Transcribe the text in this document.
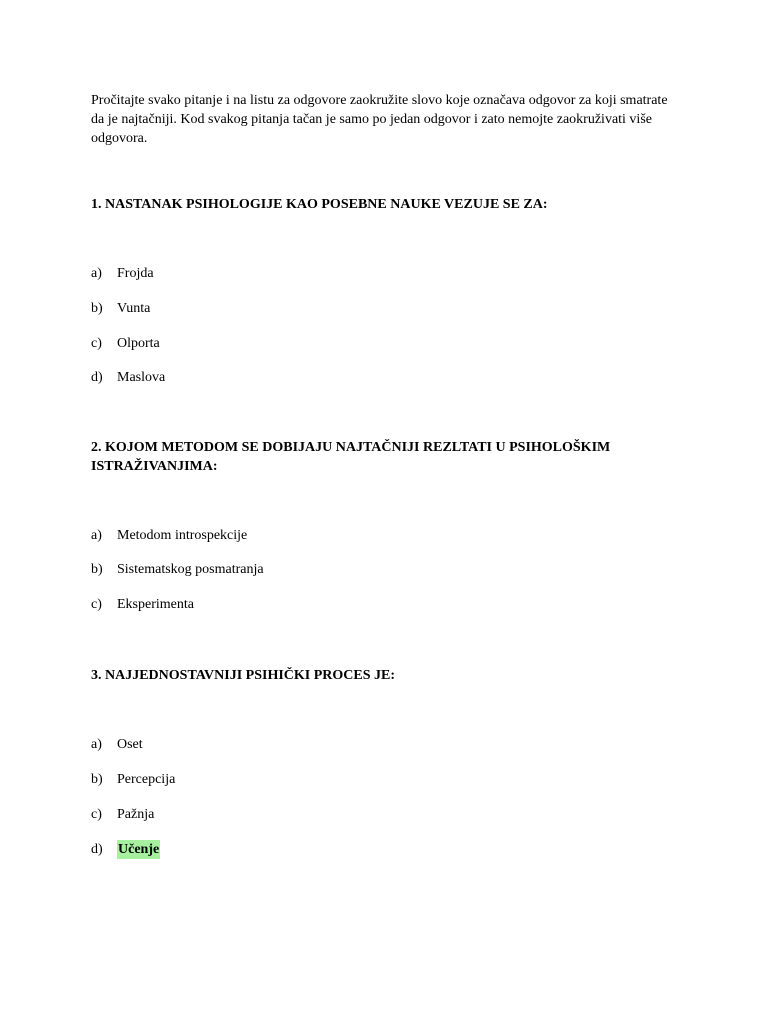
Pročitajte svako pitanje i na listu za odgovore zaokružite slovo koje označava odgovor za koji smatrate da je najtačniji. Kod svakog pitanja tačan je samo po jedan odgovor i zato nemojte zaokruživati više odgovora.

1. NASTANAK PSIHOLOGIJE KAO POSEBNE NAUKE VEZUJE SE ZA:

a)	Frojda
b)	Vunta
c)	Olporta
d)	Maslova

2. KOJOM METODOM SE DOBIJAJU NAJTAČNIJI REZLTATI U PSIHOLOŠKIM ISTRAŽIVANJIMA:

a)	Metodom introspekcije
b)	Sistematskog posmatranja
c)	Eksperimenta

3. NAJJEDNOSTAVNIJI PSIHIČKI PROCES JE:

a)	Oset
b)	Percepcija
c)	Pažnja
d)	Učenje
